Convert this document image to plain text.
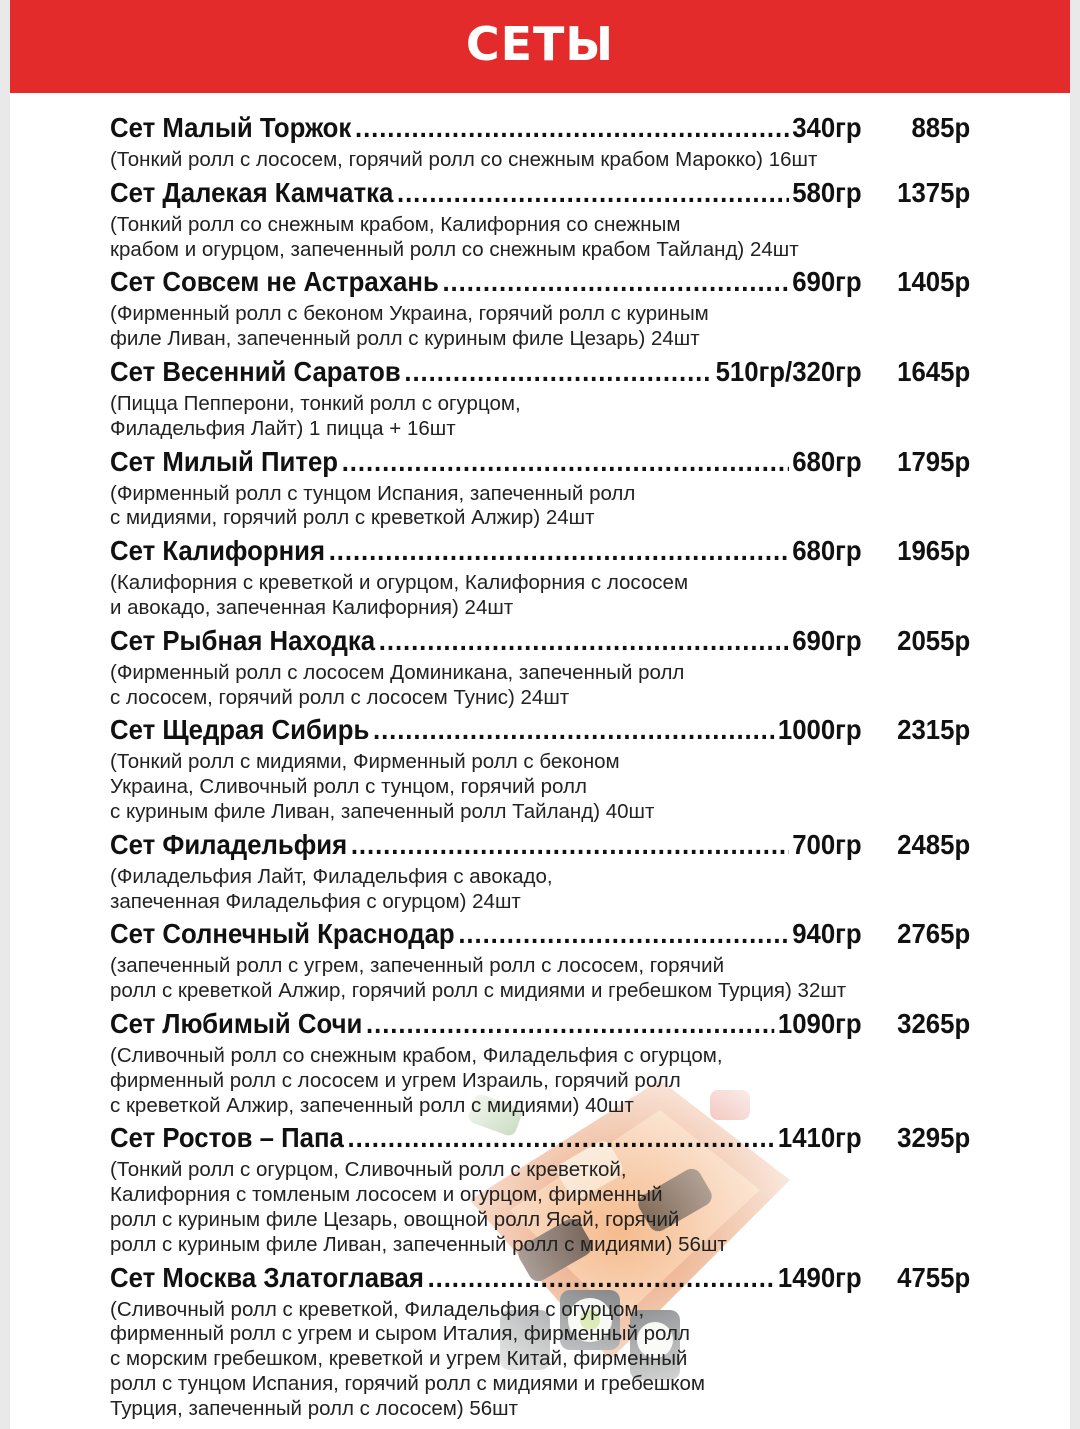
СЕТЫ
Сет Малый Торжок .....	340гр	885р

(Тонкий ролл с лососем, горячий ролл со снежным крабом Марокко) 16шт

Сет Далекая Камчатка .....	580гр	1375р

(Тонкий ролл со снежным крабом, Калифорния со снежным
крабом и огурцом, запеченный ролл со снежным крабом Тайланд) 24шт

Сет Совсем не Астрахань .....	690гр	1405р

(Фирменный ролл с беконом Украина, горячий ролл с куриным
филе Ливан, запеченный ролл с куриным филе Цезарь) 24шт

Сет Весенний Саратов .....	510гр/320гр	1645р

(Пицца Пепперони, тонкий ролл с огурцом,
Филадельфия Лайт) 1 пицца + 16шт

Сет Милый Питер .....	680гр	1795р

(Фирменный ролл с тунцом Испания, запеченный ролл
с мидиями, горячий ролл с креветкой Алжир) 24шт

Сет Калифорния .....	680гр	1965р

(Калифорния с креветкой и огурцом, Калифорния с лососем
и авокадо, запеченная Калифорния) 24шт

Сет Рыбная Находка .....	690гр	2055р

(Фирменный ролл с лососем Доминикана, запеченный ролл
с лососем, горячий ролл с лососем Тунис) 24шт

Сет Щедрая Сибирь .....	1000гр	2315р

(Тонкий ролл с мидиями, Фирменный ролл с беконом
Украина, Сливочный ролл с тунцом, горячий ролл
с куриным филе Ливан, запеченный ролл Тайланд) 40шт

Сет Филадельфия .....	700гр	2485р

(Филадельфия Лайт, Филадельфия с авокадо,
запеченная Филадельфия с огурцом) 24шт

Сет Солнечный Краснодар .....	940гр	2765р

(запеченный ролл с угрем, запеченный ролл с лососем, горячий
ролл с креветкой Алжир, горячий ролл с мидиями и гребешком Турция) 32шт

Сет Любимый Сочи .....	1090гр	3265р

(Сливочный ролл со снежным крабом, Филадельфия с огурцом,
фирменный ролл с лососем и угрем Израиль, горячий ролл
с креветкой Алжир, запеченный ролл с мидиями) 40шт

Сет Ростов – Папа .....	1410гр	3295р

(Тонкий ролл с огурцом, Сливочный ролл с креветкой,
Калифорния с томленым лососем и огурцом, фирменный
ролл с куриным филе Цезарь, овощной ролл Ясай, горячий
ролл с куриным филе Ливан, запеченный ролл с мидиями) 56шт

Сет Москва Златоглавая .....	1490гр	4755р

(Сливочный ролл с креветкой, Филадельфия с огурцом,
фирменный ролл с угрем и сыром Италия, фирменный ролл
с морским гребешком, креветкой и угрем Китай, фирменный
ролл с тунцом Испания, горячий ролл с мидиями и гребешком
Турция, запеченный ролл с лососем) 56шт
